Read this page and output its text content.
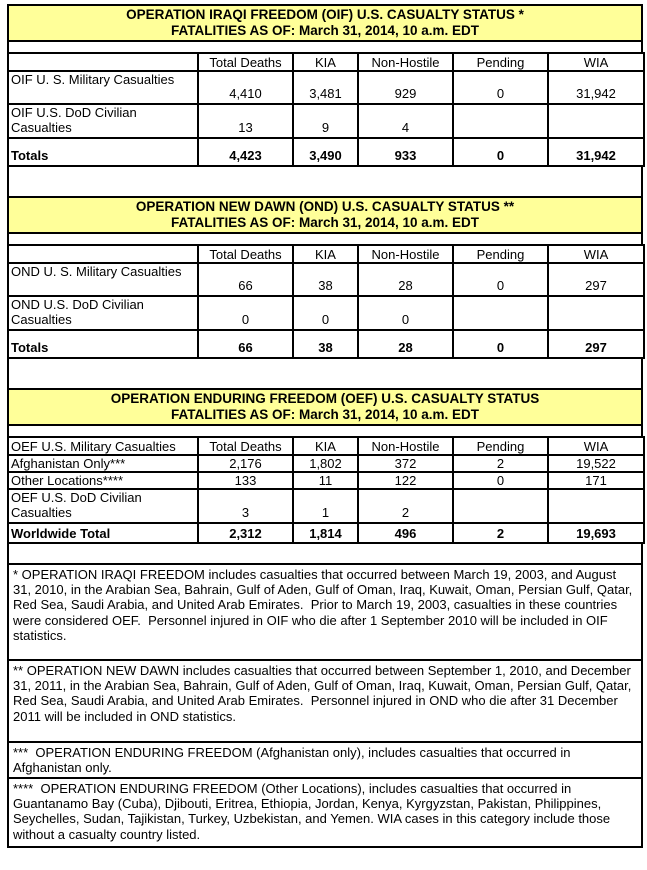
OPERATION IRAQI FREEDOM (OIF) U.S. CASUALTY STATUS *
FATALITIES AS OF: March 31, 2014, 10 a.m. EDT
	Total Deaths	KIA	Non-Hostile	Pending	WIA
OIF U. S. Military Casualties	4,410	3,481	929	0	31,942
OIF U.S. DoD Civilian Casualties	13	9	4		
Totals	4,423	3,490	933	0	31,942
OPERATION NEW DAWN (OND) U.S. CASUALTY STATUS **
FATALITIES AS OF: March 31, 2014, 10 a.m. EDT
	Total Deaths	KIA	Non-Hostile	Pending	WIA
OND U. S. Military Casualties	66	38	28	0	297
OND U.S. DoD Civilian Casualties	0	0	0		
Totals	66	38	28	0	297
OPERATION ENDURING FREEDOM (OEF) U.S. CASUALTY STATUS
FATALITIES AS OF: March 31, 2014, 10 a.m. EDT
OEF U.S. Military Casualties	Total Deaths	KIA	Non-Hostile	Pending	WIA
Afghanistan Only***	2,176	1,802	372	2	19,522
Other Locations****	133	11	122	0	171
OEF U.S. DoD Civilian Casualties	3	1	2		
Worldwide Total	2,312	1,814	496	2	19,693
* OPERATION IRAQI FREEDOM includes casualties that occurred between March 19, 2003, and August 31, 2010, in the Arabian Sea, Bahrain, Gulf of Aden, Gulf of Oman, Iraq, Kuwait, Oman, Persian Gulf, Qatar, Red Sea, Saudi Arabia, and United Arab Emirates.  Prior to March 19, 2003, casualties in these countries were considered OEF.  Personnel injured in OIF who die after 1 September 2010 will be included in OIF statistics.
** OPERATION NEW DAWN includes casualties that occurred between September 1, 2010, and December 31, 2011, in the Arabian Sea, Bahrain, Gulf of Aden, Gulf of Oman, Iraq, Kuwait, Oman, Persian Gulf, Qatar, Red Sea, Saudi Arabia, and United Arab Emirates.  Personnel injured in OND who die after 31 December 2011 will be included in OND statistics.
***  OPERATION ENDURING FREEDOM (Afghanistan only), includes casualties that occurred in Afghanistan only.
****  OPERATION ENDURING FREEDOM (Other Locations), includes casualties that occurred in Guantanamo Bay (Cuba), Djibouti, Eritrea, Ethiopia, Jordan, Kenya, Kyrgyzstan, Pakistan, Philippines, Seychelles, Sudan, Tajikistan, Turkey, Uzbekistan, and Yemen. WIA cases in this category include those without a casualty country listed.
